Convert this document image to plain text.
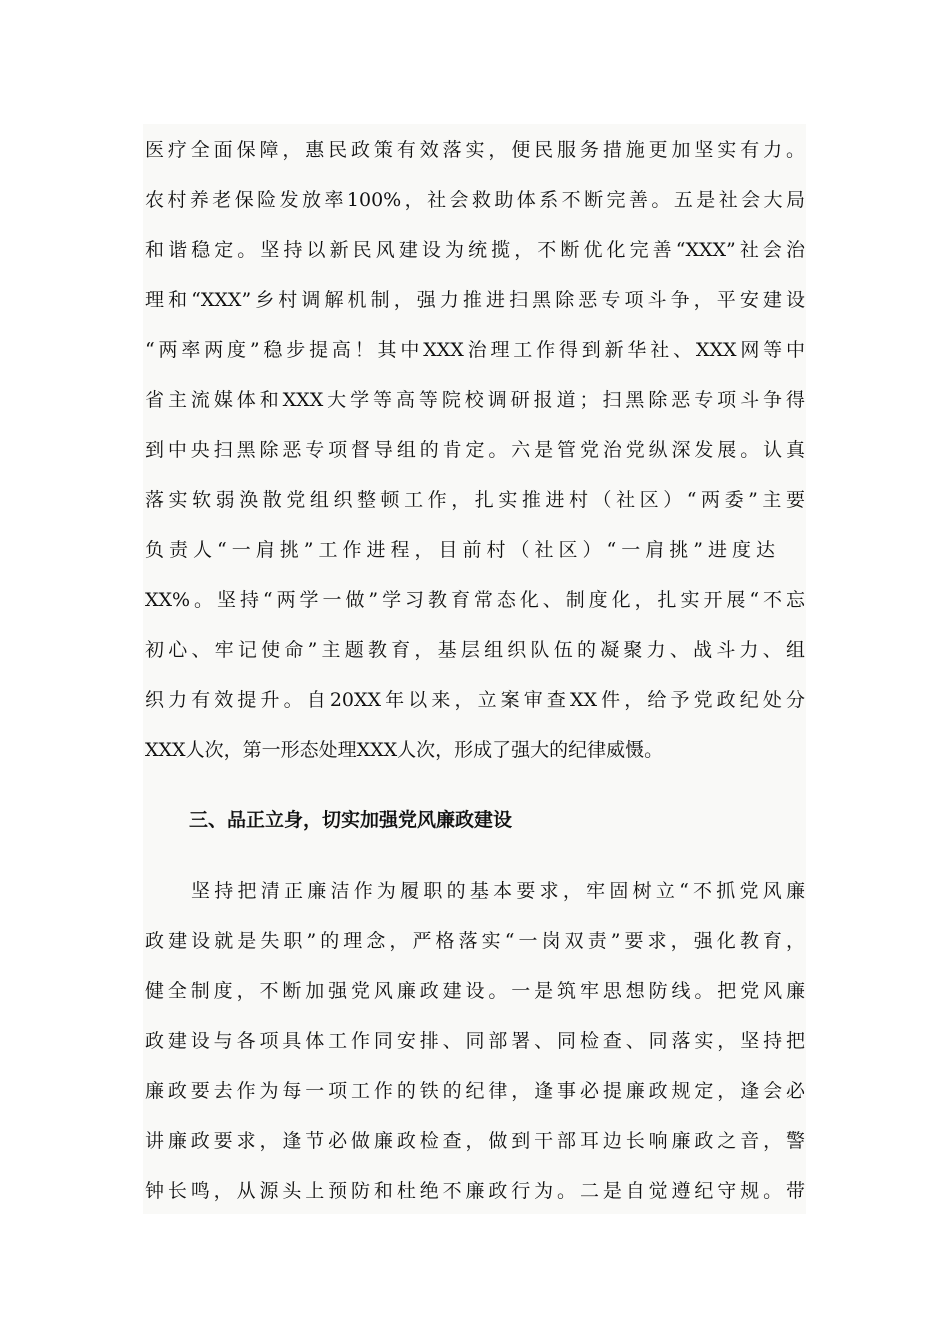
医疗全面保障，惠民政策有效落实，便民服务措施更加坚实有力。
农村养老保险发放率100%，社会救助体系不断完善。五是社会大局
和谐稳定。坚持以新民风建设为统揽，不断优化完善“XXX”社会治
理和“XXX”乡村调解机制，强力推进扫黑除恶专项斗争，平安建设
“两率两度”稳步提高！其中XXX治理工作得到新华社、XXX网等中
省主流媒体和XXX大学等高等院校调研报道；扫黑除恶专项斗争得
到中央扫黑除恶专项督导组的肯定。六是管党治党纵深发展。认真
落实软弱涣散党组织整顿工作，扎实推进村（社区）“两委”主要
负责人“一肩挑”工作进程，目前村（社区）“一肩挑”进度达
XX%。坚持“两学一做”学习教育常态化、制度化，扎实开展“不忘
初心、牢记使命”主题教育，基层组织队伍的凝聚力、战斗力、组
织力有效提升。自20XX年以来，立案审查XX件，给予党政纪处分
XXX人次，第一形态处理XXX人次，形成了强大的纪律威慑。
三、品正立身，切实加强党风廉政建设
坚持把清正廉洁作为履职的基本要求，牢固树立“不抓党风廉
政建设就是失职”的理念，严格落实“一岗双责”要求，强化教育，
健全制度，不断加强党风廉政建设。一是筑牢思想防线。把党风廉
政建设与各项具体工作同安排、同部署、同检查、同落实，坚持把
廉政要去作为每一项工作的铁的纪律，逢事必提廉政规定，逢会必
讲廉政要求，逢节必做廉政检查，做到干部耳边长响廉政之音，警
钟长鸣，从源头上预防和杜绝不廉政行为。二是自觉遵纪守规。带
